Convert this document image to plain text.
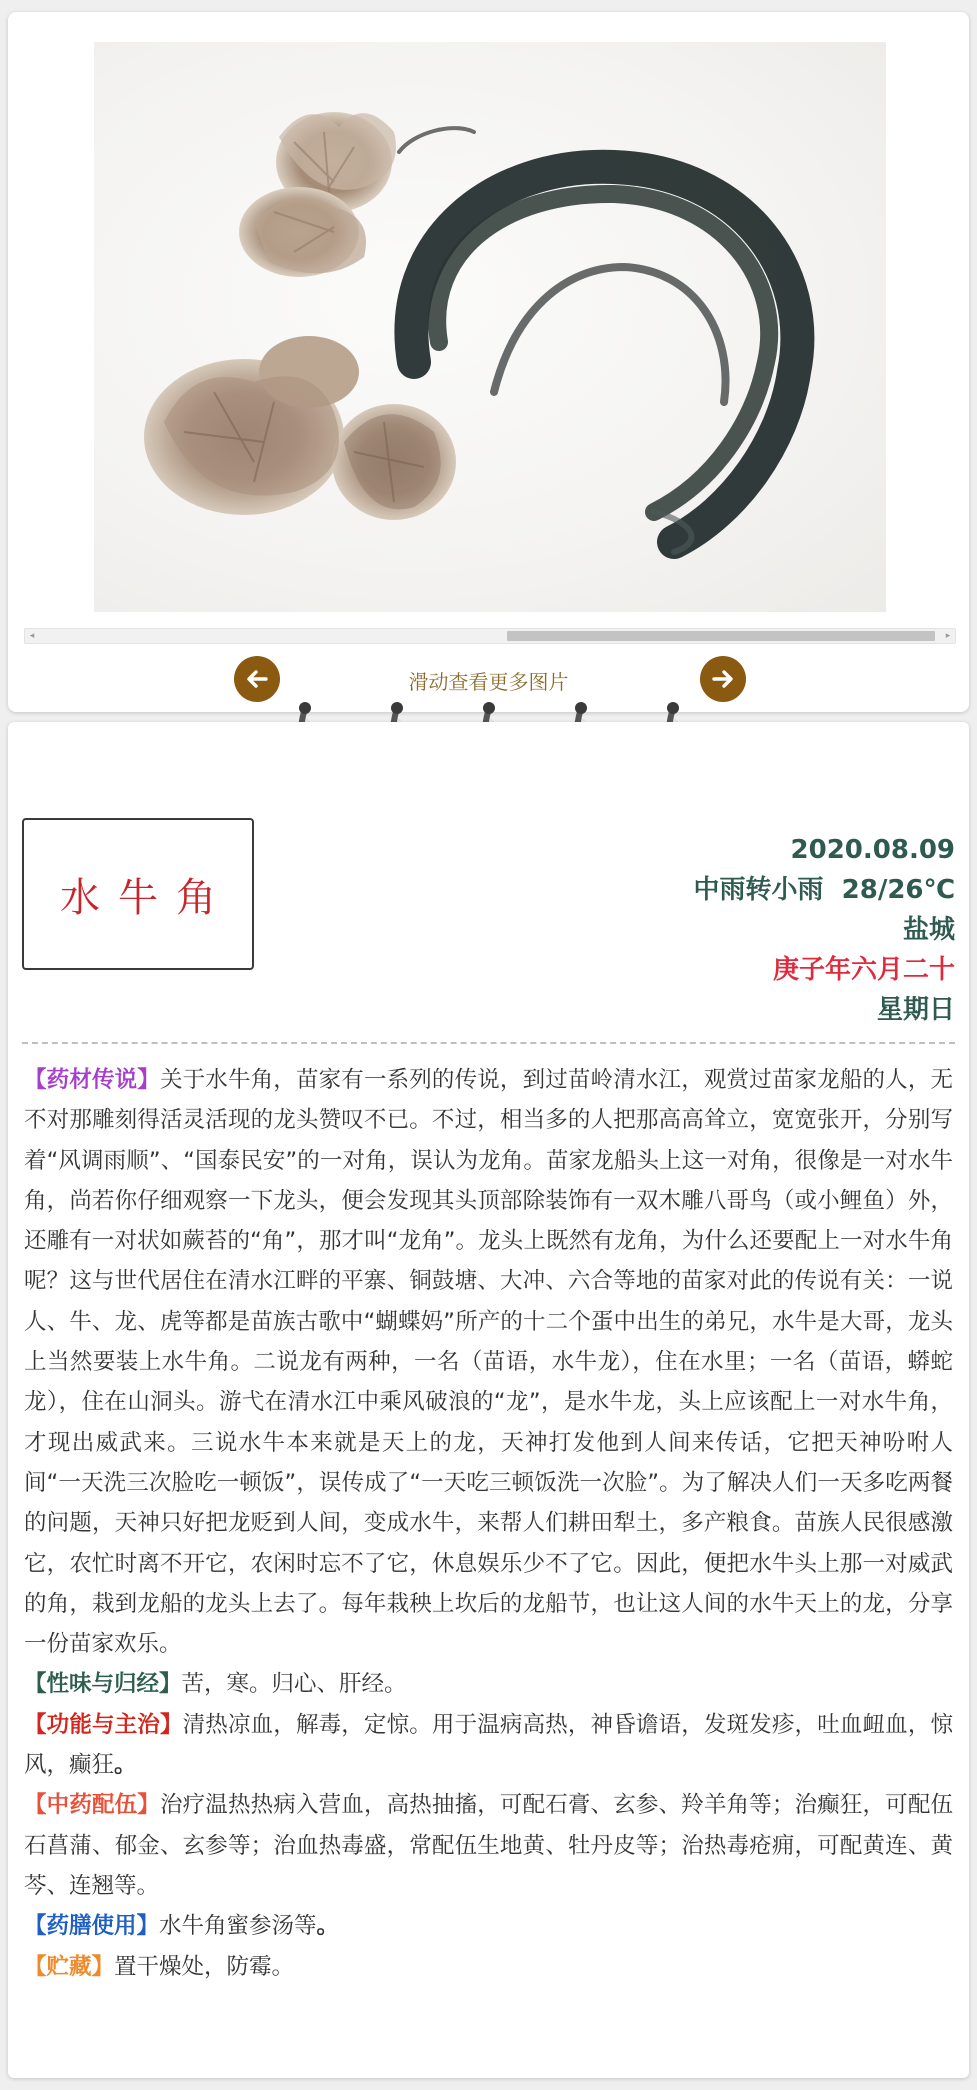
◂	▸
滑动查看更多图片
水牛角
2020.08.09
中雨转小雨  28/26℃
盐城
庚子年六月二十
星期日

【药材传说】关于水牛角，苗家有一系列的传说，到过苗岭清水江，观赏过苗家龙船的人，无不对那雕刻得活灵活现的龙头赞叹不已。不过，相当多的人把那高高耸立，宽宽张开，分别写着“风调雨顺”、“国泰民安”的一对角，误认为龙角。苗家龙船头上这一对角，很像是一对水牛角，尚若你仔细观察一下龙头，便会发现其头顶部除装饰有一双木雕八哥鸟（或小鲤鱼）外，还雕有一对状如蕨苔的“角”，那才叫“龙角”。龙头上既然有龙角，为什么还要配上一对水牛角呢？这与世代居住在清水江畔的平寨、铜鼓塘、大冲、六合等地的苗家对此的传说有关：一说人、牛、龙、虎等都是苗族古歌中“蝴蝶妈”所产的十二个蛋中出生的弟兄，水牛是大哥，龙头上当然要装上水牛角。二说龙有两种，一名（苗语，水牛龙），住在水里；一名（苗语，蟒蛇龙），住在山洞头。游弋在清水江中乘风破浪的“龙”，是水牛龙，头上应该配上一对水牛角，才现出威武来。三说水牛本来就是天上的龙，天神打发他到人间来传话，它把天神吩咐人间“一天洗三次脸吃一顿饭”，误传成了“一天吃三顿饭洗一次脸”。为了解决人们一天多吃两餐的问题，天神只好把龙贬到人间，变成水牛，来帮人们耕田犁土，多产粮食。苗族人民很感激它，农忙时离不开它，农闲时忘不了它，休息娱乐少不了它。因此，便把水牛头上那一对威武的角，栽到龙船的龙头上去了。每年栽秧上坎后的龙船节，也让这人间的水牛天上的龙，分享一份苗家欢乐。

【性味与归经】苦，寒。归心、肝经。

【功能与主治】清热凉血，解毒，定惊。用于温病高热，神昏谵语，发斑发疹，吐血衄血，惊风，癫狂。

【中药配伍】治疗温热热病入营血，高热抽搐，可配石膏、玄参、羚羊角等；治癫狂，可配伍石菖蒲、郁金、玄参等；治血热毒盛，常配伍生地黄、牡丹皮等；治热毒疮痈，可配黄连、黄芩、连翘等。

【药膳使用】水牛角蜜参汤等。

【贮藏】置干燥处，防霉。
